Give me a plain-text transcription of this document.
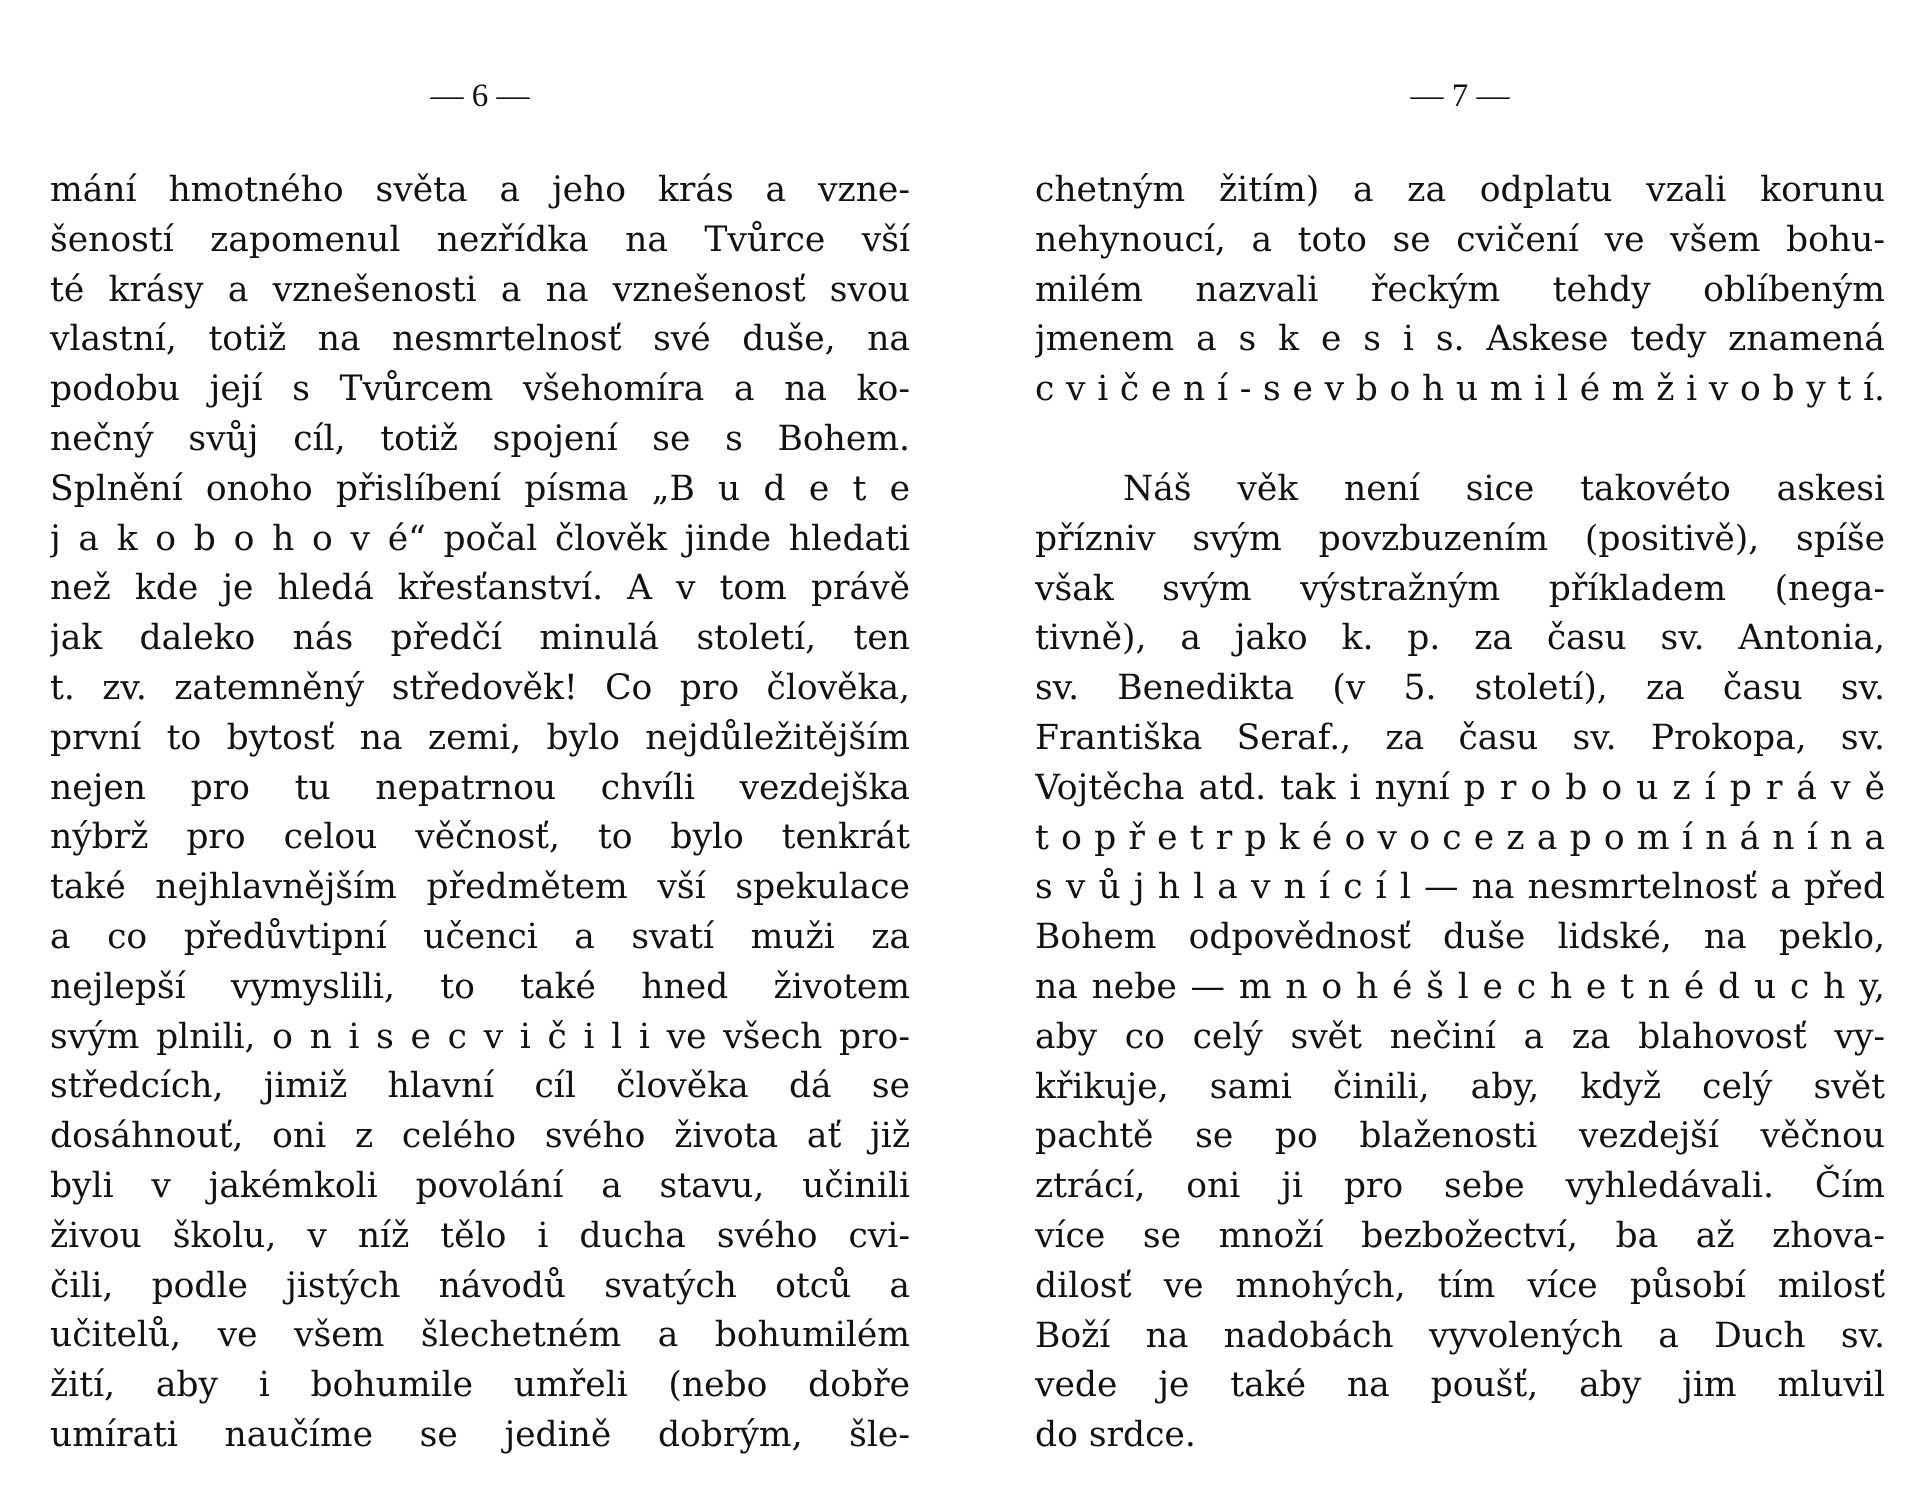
— 6 —
mání hmotného světa a jeho krás a vzne-
šeností zapomenul nezřídka na Tvůrce vší
té krásy a vznešenosti a na vznešenosť svou
vlastní, totiž na nesmrtelnosť své duše, na
podobu její s Tvůrcem všehomíra a na ko-
nečný svůj cíl, totiž spojení se s Bohem.
Splnění onoho přislíbení písma „B u d e t e
j a k o b o h o v é“ počal člověk jinde hledati
než kde je hledá křesťanství. A v tom právě
jak daleko nás předčí minulá století, ten
t. zv. zatemněný středověk! Co pro člověka,
první to bytosť na zemi, bylo nejdůležitějším
nejen pro tu nepatrnou chvíli vezdejška
nýbrž pro celou věčnosť, to bylo tenkrát
také nejhlavnějším předmětem vší spekulace
a co předůvtipní učenci a svatí muži za
nejlepší vymyslili, to také hned životem
svým plnili, o n i s e c v i č i l i ve všech pro-
středcích, jimiž hlavní cíl člověka dá se
dosáhnouť, oni z celého svého života ať již
byli v jakémkoli povolání a stavu, učinili
živou školu, v níž tělo i ducha svého cvi-
čili, podle jistých návodů svatých otců a
učitelů, ve všem šlechetném a bohumilém
žití, aby i bohumile umřeli (nebo dobře
umírati naučíme se jedině dobrým, šle-
— 7 —
chetným žitím) a za odplatu vzali korunu
nehynoucí, a toto se cvičení ve všem bohu-
milém nazvali řeckým tehdy oblíbeným
jmenem a s k e s i s. Askese tedy znamená
c v i č e n í - s e v b o h u m i l é m ž i v o b y t í.
Náš věk není sice takovéto askesi
přízniv svým povzbuzením (positivě), spíše
však svým výstražným příkladem (nega-
tivně), a jako k. p. za času sv. Antonia,
sv. Benedikta (v 5. století), za času sv.
Františka Seraf., za času sv. Prokopa, sv.
Vojtěcha atd. tak i nyní p r o b o u z í p r á v ě
t o p ř e t r p k é o v o c e z a p o m í n á n í n a
s v ů j h l a v n í c í l — na nesmrtelnosť a před
Bohem odpovědnosť duše lidské, na peklo,
na nebe — m n o h é š l e c h e t n é d u c h y,
aby co celý svět nečiní a za blahovosť vy-
křikuje, sami činili, aby, když celý svět
pachtě se po blaženosti vezdejší věčnou
ztrácí, oni ji pro sebe vyhledávali. Čím
více se množí bezbožectví, ba až zhova-
dilosť ve mnohých, tím více působí milosť
Boží na nadobách vyvolených a Duch sv.
vede je také na poušť, aby jim mluvil
do srdce.
